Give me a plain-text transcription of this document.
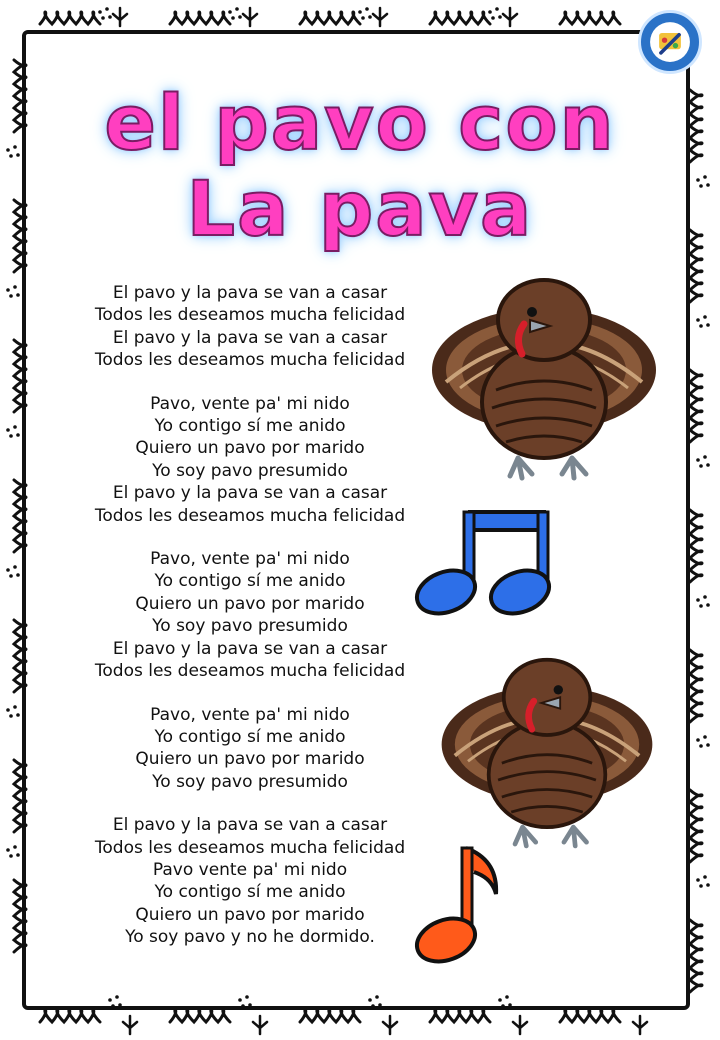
el pavo con
La pava
El pavo y la pava se van a casar
Todos les deseamos mucha felicidad
El pavo y la pava se van a casar
Todos les deseamos mucha felicidad
Pavo, vente pa' mi nido
Yo contigo sí me anido
Quiero un pavo por marido
Yo soy pavo presumido
El pavo y la pava se van a casar
Todos les deseamos mucha felicidad
Pavo, vente pa' mi nido
Yo contigo sí me anido
Quiero un pavo por marido
Yo soy pavo presumido
El pavo y la pava se van a casar
Todos les deseamos mucha felicidad
Pavo, vente pa' mi nido
Yo contigo sí me anido
Quiero un pavo por marido
Yo soy pavo presumido
El pavo y la pava se van a casar
Todos les deseamos mucha felicidad
Pavo vente pa' mi nido
Yo contigo sí me anido
Quiero un pavo por marido
Yo soy pavo y no he dormido.
